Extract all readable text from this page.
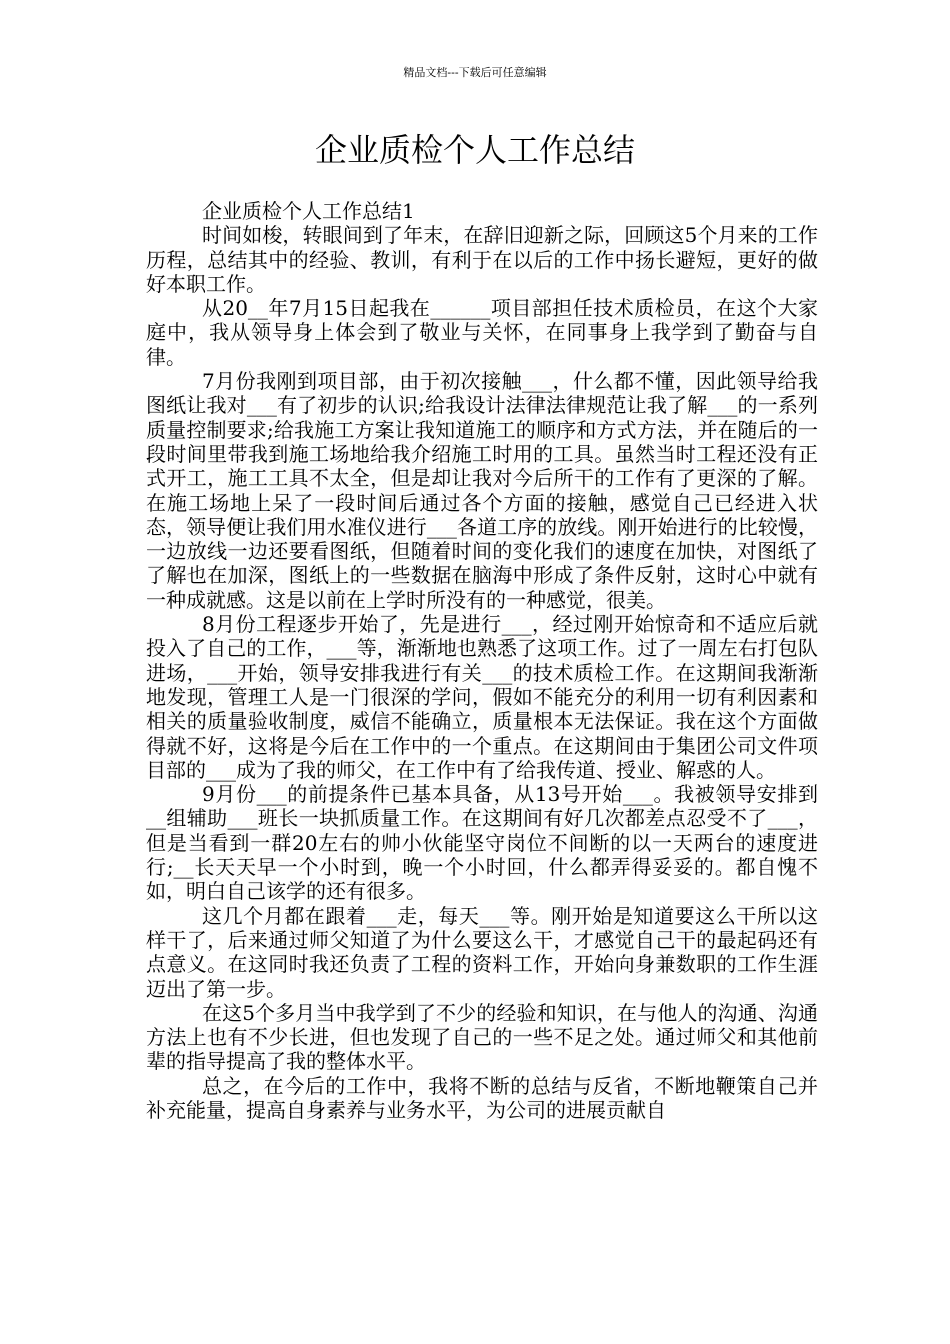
精品文档---下载后可任意编辑
企业质检个人工作总结

企业质检个人工作总结1

时间如梭，转眼间到了年末，在辞旧迎新之际，回顾这5个月来的工作历程，总结其中的经验、教训，有利于在以后的工作中扬长避短，更好的做好本职工作。

从20__年7月15日起我在______项目部担任技术质检员，在这个大家庭中，我从领导身上体会到了敬业与关怀，在同事身上我学到了勤奋与自律。

7月份我刚到项目部，由于初次接触___，什么都不懂，因此领导给我图纸让我对___有了初步的认识;给我设计法律法律规范让我了解___的一系列质量控制要求;给我施工方案让我知道施工的顺序和方式方法，并在随后的一段时间里带我到施工场地给我介绍施工时用的工具。虽然当时工程还没有正式开工，施工工具不太全，但是却让我对今后所干的工作有了更深的了解。在施工场地上呆了一段时间后通过各个方面的接触，感觉自己已经进入状态，领导便让我们用水准仪进行___各道工序的放线。刚开始进行的比较慢，一边放线一边还要看图纸，但随着时间的变化我们的速度在加快，对图纸了了解也在加深，图纸上的一些数据在脑海中形成了条件反射，这时心中就有一种成就感。这是以前在上学时所没有的一种感觉，很美。

8月份工程逐步开始了，先是进行___，经过刚开始惊奇和不适应后就投入了自己的工作，___等，渐渐地也熟悉了这项工作。过了一周左右打包队进场，___开始，领导安排我进行有关___的技术质检工作。在这期间我渐渐地发现，管理工人是一门很深的学问，假如不能充分的利用一切有利因素和相关的质量验收制度，威信不能确立，质量根本无法保证。我在这个方面做得就不好，这将是今后在工作中的一个重点。在这期间由于集团公司文件项目部的___成为了我的师父，在工作中有了给我传道、授业、解惑的人。

9月份___的前提条件已基本具备，从13号开始___。我被领导安排到__组辅助___班长一块抓质量工作。在这期间有好几次都差点忍受不了___，但是当看到一群20左右的帅小伙能坚守岗位不间断的以一天两台的速度进行;__长天天早一个小时到，晚一个小时回，什么都弄得妥妥的。都自愧不如，明白自己该学的还有很多。

这几个月都在跟着___走，每天___等。刚开始是知道要这么干所以这样干了，后来通过师父知道了为什么要这么干，才感觉自己干的最起码还有点意义。在这同时我还负责了工程的资料工作，开始向身兼数职的工作生涯迈出了第一步。

在这5个多月当中我学到了不少的经验和知识，在与他人的沟通、沟通方法上也有不少长进，但也发现了自己的一些不足之处。通过师父和其他前辈的指导提高了我的整体水平。

总之，在今后的工作中，我将不断的总结与反省，不断地鞭策自己并补充能量，提高自身素养与业务水平，为公司的进展贡献自
